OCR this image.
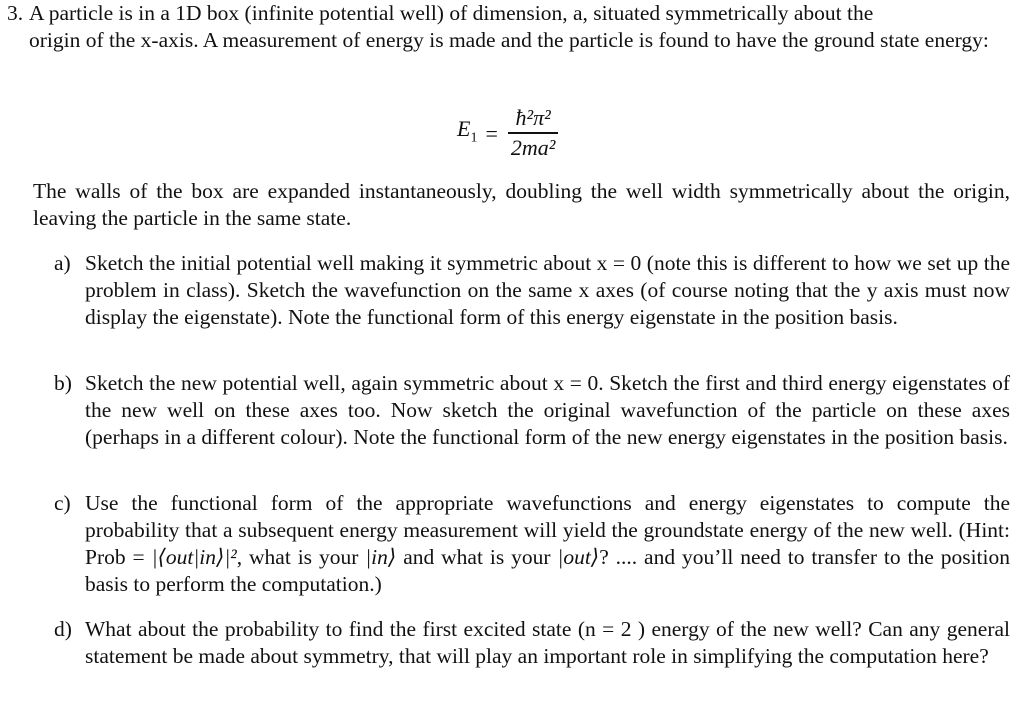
3. A particle is in a 1D box (infinite potential well) of dimension, a, situated symmetrically about the
origin of the x-axis. A measurement of energy is made and the particle is found to have the ground state energy:

$E_1 = \frac{\text{ħ²π²}}{\text{2ma²}}$

The walls of the box are expanded instantaneously, doubling the well width symmetrically about the origin, leaving the particle in the same state.

a) Sketch the initial potential well making it symmetric about x = 0 (note this is different to how we set up the problem in class). Sketch the wavefunction on the same x axes (of course noting that the y axis must now display the eigenstate). Note the functional form of this energy eigenstate in the position basis.

b) Sketch the new potential well, again symmetric about x = 0. Sketch the first and third energy eigenstates of the new well on these axes too. Now sketch the original wavefunction of the particle on these axes (perhaps in a different colour). Note the functional form of the new energy eigenstates in the position basis.

c) Use the functional form of the appropriate wavefunctions and energy eigenstates to compute the probability that a subsequent energy measurement will yield the groundstate energy of the new well. (Hint: Prob = |⟨out|in⟩|², what is your |in⟩ and what is your |out⟩? .... and you’ll need to transfer to the position basis to perform the computation.)

d) What about the probability to find the first excited state (n = 2 ) energy of the new well? Can any general statement be made about symmetry, that will play an important role in simplifying the computation here?
